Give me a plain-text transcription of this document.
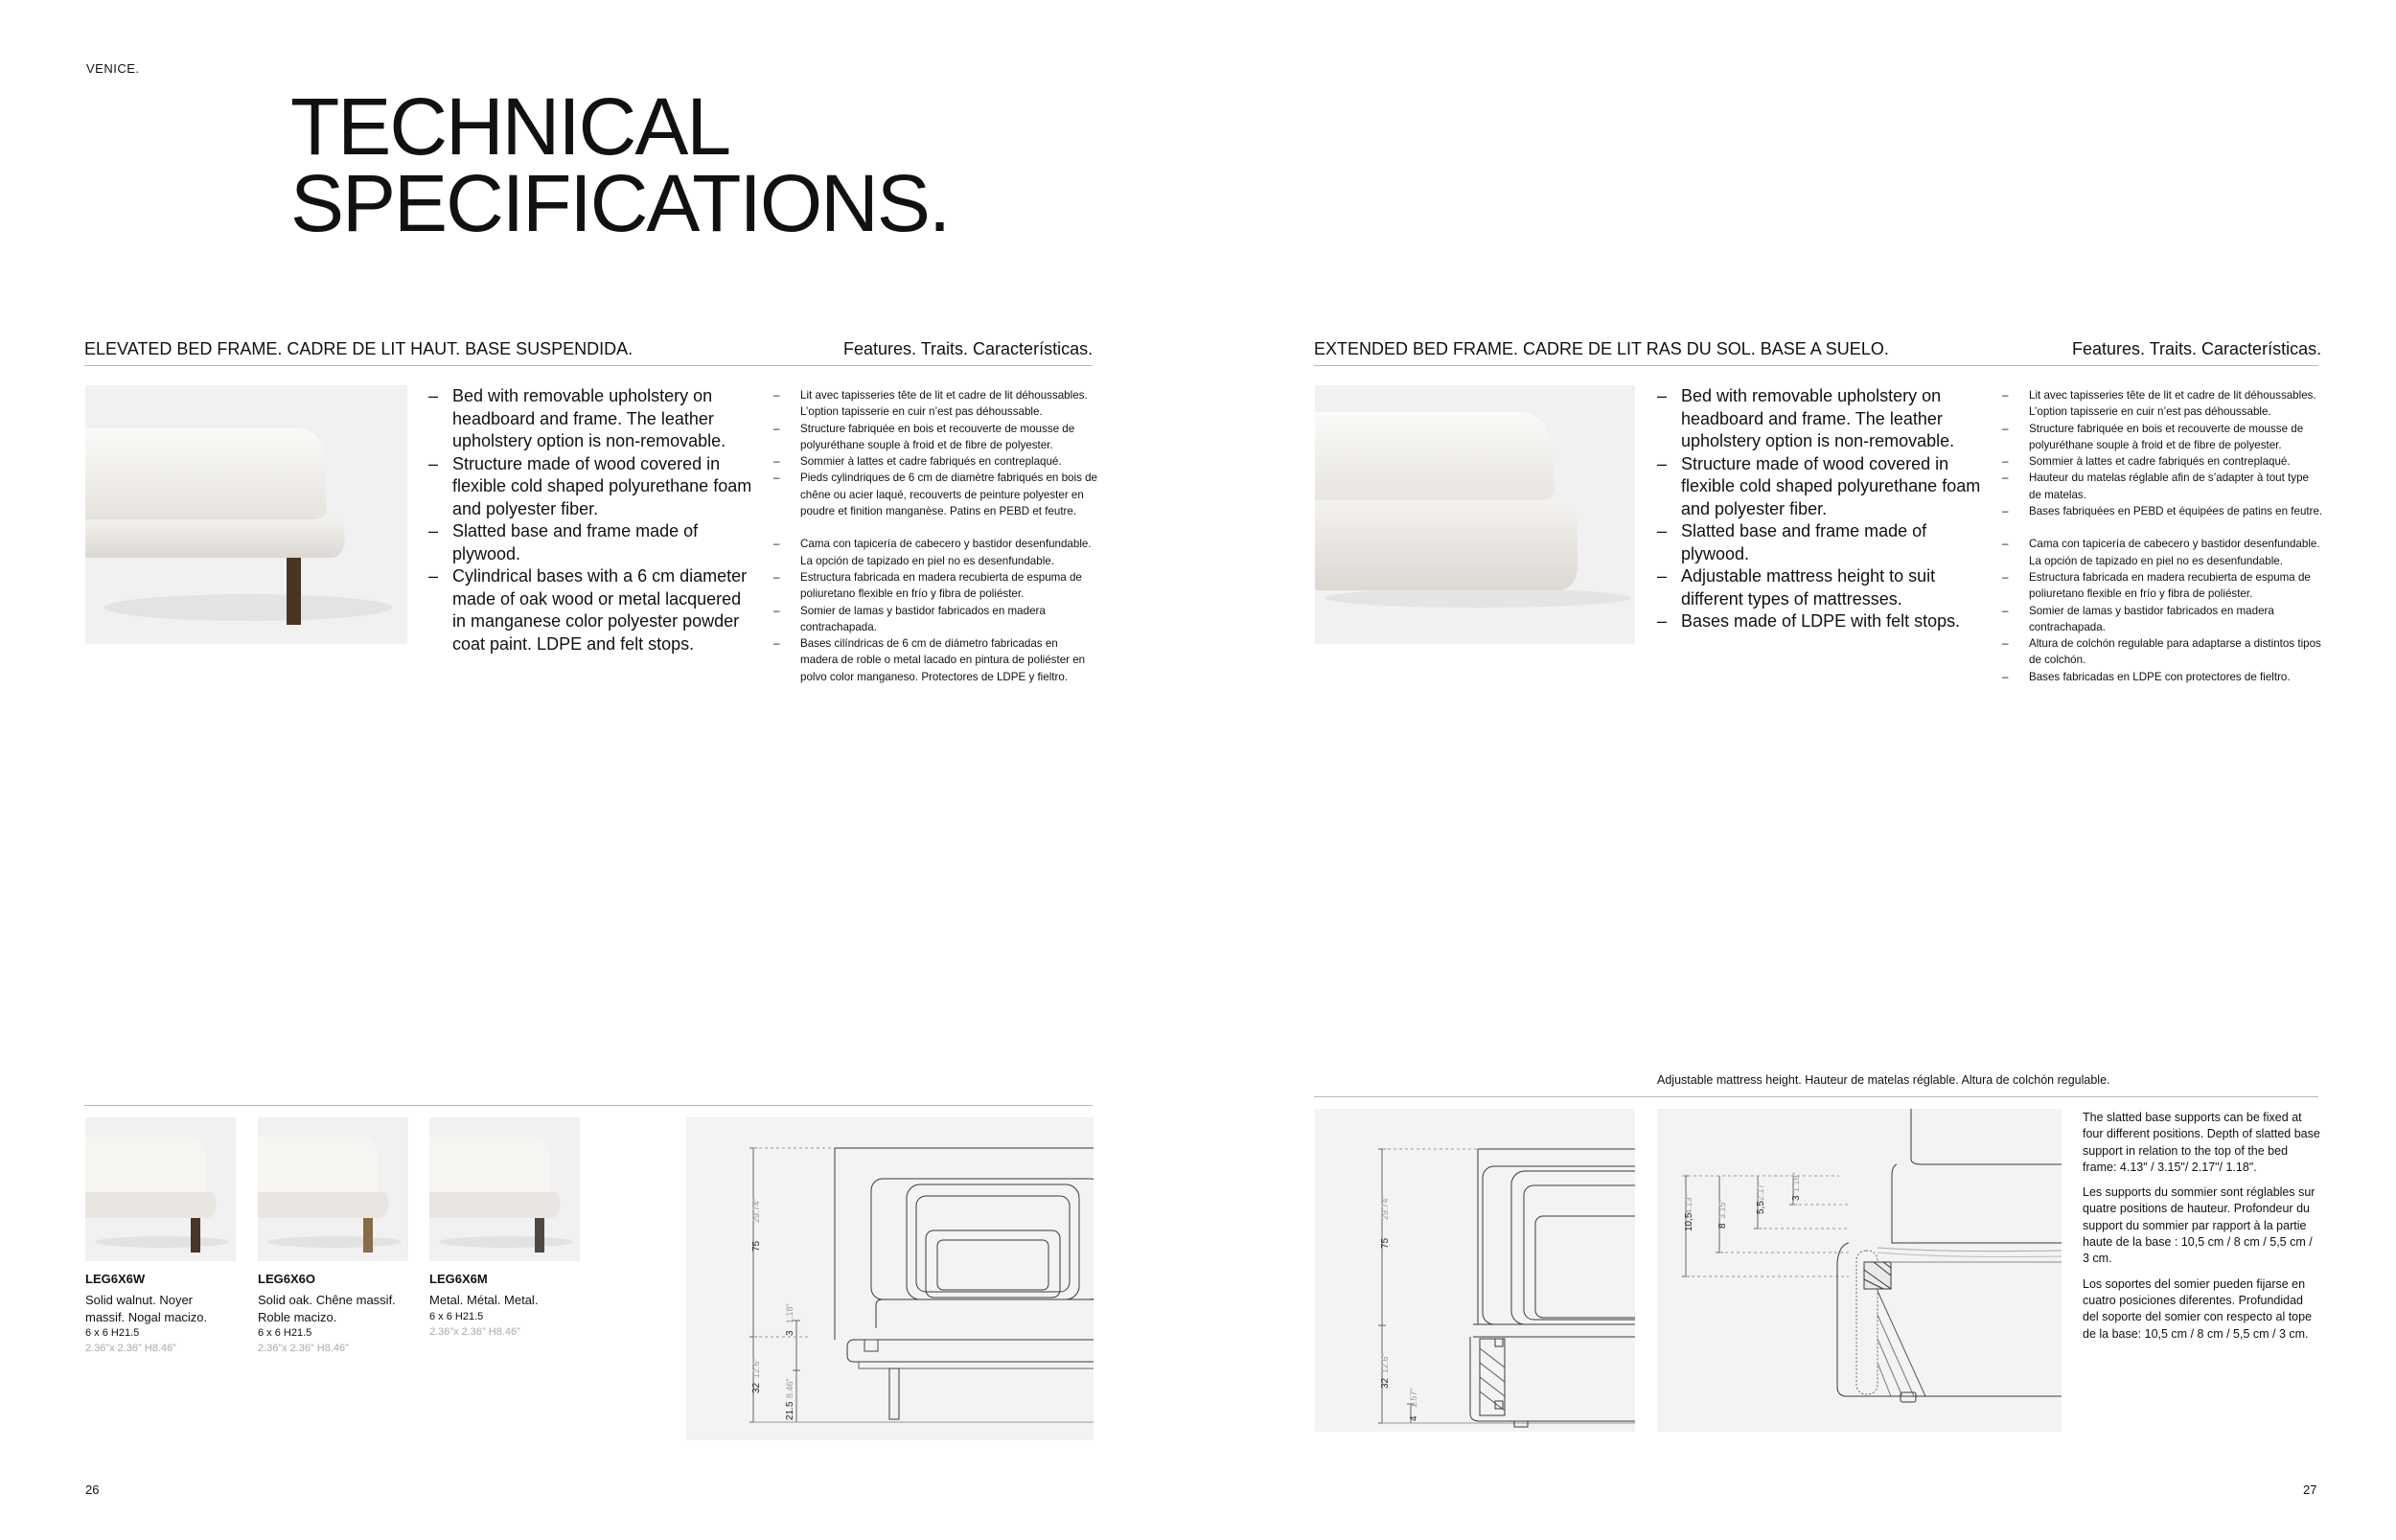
VENICE.
TECHNICAL
SPECIFICATIONS.
ELEVATED BED FRAME. CADRE DE LIT HAUT. BASE SUSPENDIDA.	Features. Traits. Características.
– Bed with removable upholstery on headboard and frame. The leather upholstery option is non-removable.
– Structure made of wood covered in flexible cold shaped polyurethane foam and polyester fiber.
– Slatted base and frame made of plywood.
– Cylindrical bases with a 6 cm diameter made of oak wood or metal lacquered in manganese color polyester powder coat paint. LDPE and felt stops.
– Lit avec tapisseries tête de lit et cadre de lit déhoussables. L’option tapisserie en cuir n’est pas déhoussable.
– Structure fabriquée en bois et recouverte de mousse de polyuréthane souple à froid et de fibre de polyester.
– Sommier à lattes et cadre fabriqués en contreplaqué.
– Pieds cylindriques de 6 cm de diamètre fabriqués en bois de chêne ou acier laqué, recouverts de peinture polyester en poudre et finition manganèse. Patins en PEBD et feutre.
– Cama con tapicería de cabecero y bastidor desenfundable. La opción de tapizado en piel no es desenfundable.
– Estructura fabricada en madera recubierta de espuma de poliuretano flexible en frío y fibra de poliéster.
– Somier de lamas y bastidor fabricados en madera contrachapada.
– Bases cilíndricas de 6 cm de diámetro fabricadas en madera de roble o metal lacado en pintura de poliéster en polvo color manganeso. Protectores de LDPE y fieltro.
LEG6X6W
Solid walnut. Noyer
massif. Nogal macizo.
6 x 6 H21.5
2.36”x 2.36” H8.46”
LEG6X6O
Solid oak. Chêne massif.
Roble macizo.
6 x 6 H21.5
2.36”x 2.36” H8.46”
LEG6X6M
Metal. Métal. Metal.
6 x 6 H21.5
2.36”x 2.36” H8.46”
75
29.74”
32
12.6”
21.5
8.46”
3
1.18”
26
EXTENDED BED FRAME. CADRE DE LIT RAS DU SOL. BASE A SUELO.	Features. Traits. Características.
– Bed with removable upholstery on headboard and frame. The leather upholstery option is non-removable.
– Structure made of wood covered in flexible cold shaped polyurethane foam and polyester fiber.
– Slatted base and frame made of plywood.
– Adjustable mattress height to suit different types of mattresses.
– Bases made of LDPE with felt stops.
– Lit avec tapisseries tête de lit et cadre de lit déhoussables. L’option tapisserie en cuir n’est pas déhoussable.
– Structure fabriquée en bois et recouverte de mousse de polyuréthane souple à froid et de fibre de polyester.
– Sommier à lattes et cadre fabriqués en contreplaqué.
– Hauteur du matelas réglable afin de s’adapter à tout type de matelas.
– Bases fabriquées en PEBD et équipées de patins en feutre.
– Cama con tapicería de cabecero y bastidor desenfundable. La opción de tapizado en piel no es desenfundable.
– Estructura fabricada en madera recubierta de espuma de poliuretano flexible en frío y fibra de poliéster.
– Somier de lamas y bastidor fabricados en madera contrachapada.
– Altura de colchón regulable para adaptarse a distintos tipos de colchón.
– Bases fabricadas en LDPE con protectores de fieltro.
Adjustable mattress height. Hauteur de matelas réglable. Altura de colchón regulable.
75
29.74”
32
12.6”
4
1.57”
10,5
4.13”
8
3.15”	5,5
2.17”	3
1.18”

The slatted base supports can be fixed at four different positions. Depth of slatted base support in relation to the top of the bed frame: 4.13" / 3.15"/ 2.17"/ 1.18".

Les supports du sommier sont réglables sur quatre positions de hauteur. Profondeur du support du sommier par rapport à la partie haute de la base : 10,5 cm / 8 cm / 5,5 cm / 3 cm.

Los soportes del somier pueden fijarse en cuatro posiciones diferentes. Profundidad del soporte del somier con respecto al tope de la base: 10,5 cm / 8 cm / 5,5 cm / 3 cm.

27
